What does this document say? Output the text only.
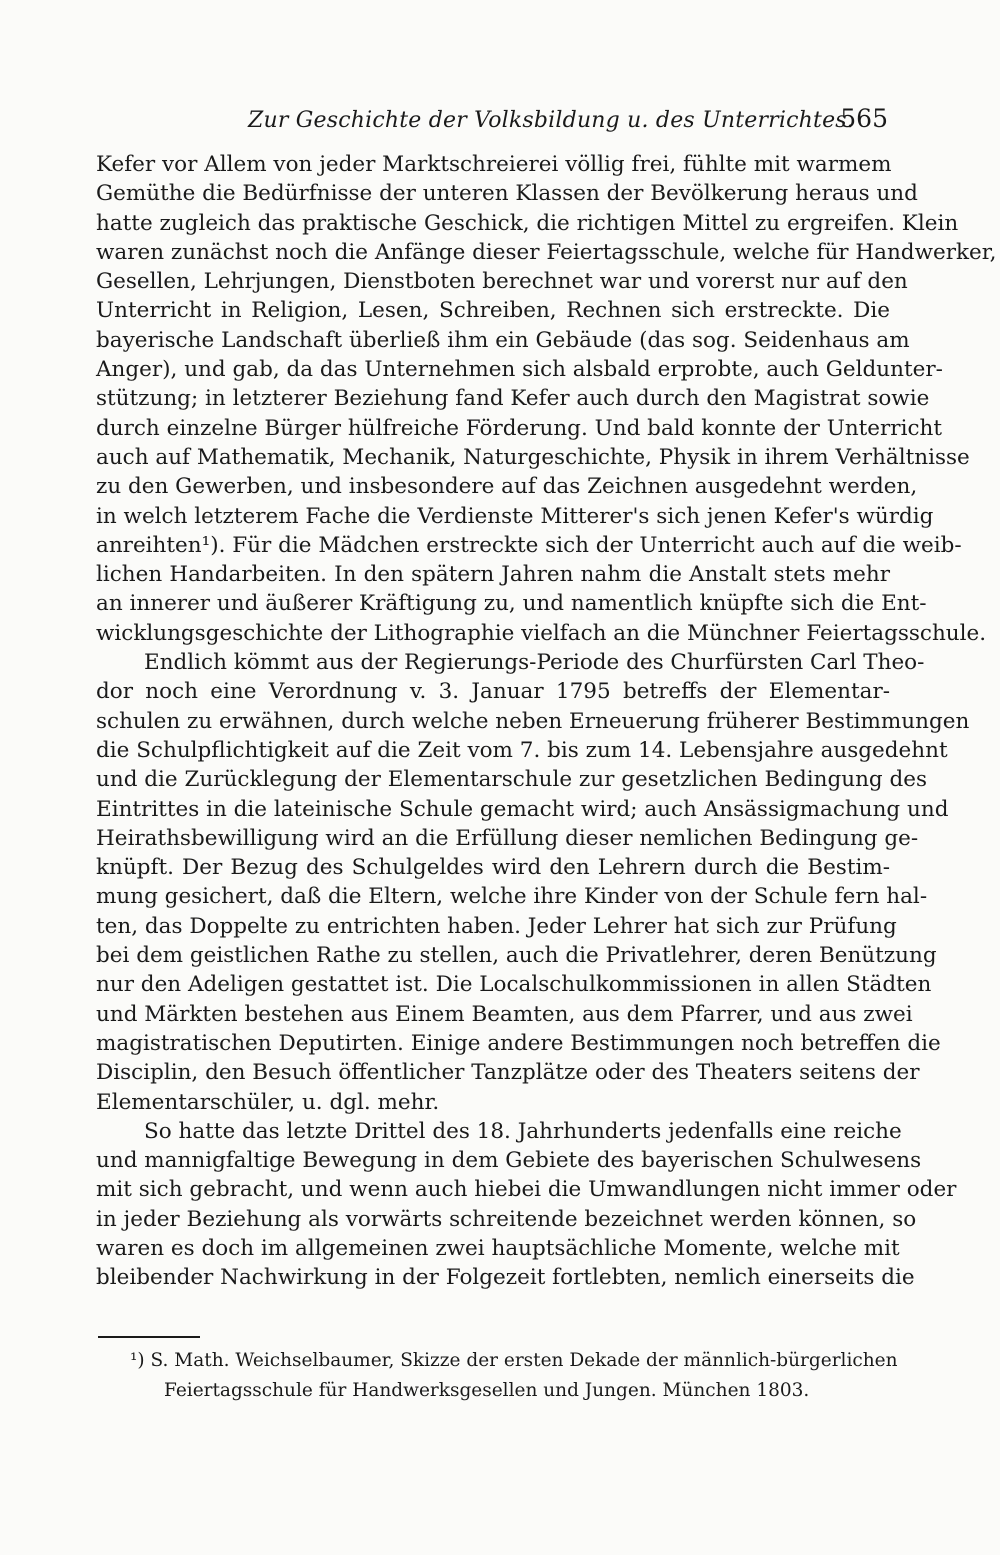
Zur Geschichte der Volksbildung u. des Unterrichtes.
565
Kefer vor Allem von jeder Marktschreierei völlig frei, fühlte mit warmem
Gemüthe die Bedürfnisse der unteren Klassen der Bevölkerung heraus und
hatte zugleich das praktische Geschick, die richtigen Mittel zu ergreifen. Klein
waren zunächst noch die Anfänge dieser Feiertagsschule, welche für Handwerker,
Gesellen, Lehrjungen, Dienstboten berechnet war und vorerst nur auf den
Unterricht in Religion, Lesen, Schreiben, Rechnen sich erstreckte. Die
bayerische Landschaft überließ ihm ein Gebäude (das sog. Seidenhaus am
Anger), und gab, da das Unternehmen sich alsbald erprobte, auch Geldunter-
stützung; in letzterer Beziehung fand Kefer auch durch den Magistrat sowie
durch einzelne Bürger hülfreiche Förderung. Und bald konnte der Unterricht
auch auf Mathematik, Mechanik, Naturgeschichte, Physik in ihrem Verhältnisse
zu den Gewerben, und insbesondere auf das Zeichnen ausgedehnt werden,
in welch letzterem Fache die Verdienste Mitterer's sich jenen Kefer's würdig
anreihten¹). Für die Mädchen erstreckte sich der Unterricht auch auf die weib-
lichen Handarbeiten. In den spätern Jahren nahm die Anstalt stets mehr
an innerer und äußerer Kräftigung zu, und namentlich knüpfte sich die Ent-
wicklungsgeschichte der Lithographie vielfach an die Münchner Feiertagsschule.
Endlich kömmt aus der Regierungs-Periode des Churfürsten Carl Theo-
dor noch eine Verordnung v. 3. Januar 1795 betreffs der Elementar-
schulen zu erwähnen, durch welche neben Erneuerung früherer Bestimmungen
die Schulpflichtigkeit auf die Zeit vom 7. bis zum 14. Lebensjahre ausgedehnt
und die Zurücklegung der Elementarschule zur gesetzlichen Bedingung des
Eintrittes in die lateinische Schule gemacht wird; auch Ansässigmachung und
Heirathsbewilligung wird an die Erfüllung dieser nemlichen Bedingung ge-
knüpft. Der Bezug des Schulgeldes wird den Lehrern durch die Bestim-
mung gesichert, daß die Eltern, welche ihre Kinder von der Schule fern hal-
ten, das Doppelte zu entrichten haben. Jeder Lehrer hat sich zur Prüfung
bei dem geistlichen Rathe zu stellen, auch die Privatlehrer, deren Benützung
nur den Adeligen gestattet ist. Die Localschulkommissionen in allen Städten
und Märkten bestehen aus Einem Beamten, aus dem Pfarrer, und aus zwei
magistratischen Deputirten. Einige andere Bestimmungen noch betreffen die
Disciplin, den Besuch öffentlicher Tanzplätze oder des Theaters seitens der
Elementarschüler, u. dgl. mehr.
So hatte das letzte Drittel des 18. Jahrhunderts jedenfalls eine reiche
und mannigfaltige Bewegung in dem Gebiete des bayerischen Schulwesens
mit sich gebracht, und wenn auch hiebei die Umwandlungen nicht immer oder
in jeder Beziehung als vorwärts schreitende bezeichnet werden können, so
waren es doch im allgemeinen zwei hauptsächliche Momente, welche mit
bleibender Nachwirkung in der Folgezeit fortlebten, nemlich einerseits die
¹) S. Math. Weichselbaumer, Skizze der ersten Dekade der männlich-bürgerlichen
Feiertagsschule für Handwerksgesellen und Jungen. München 1803.
